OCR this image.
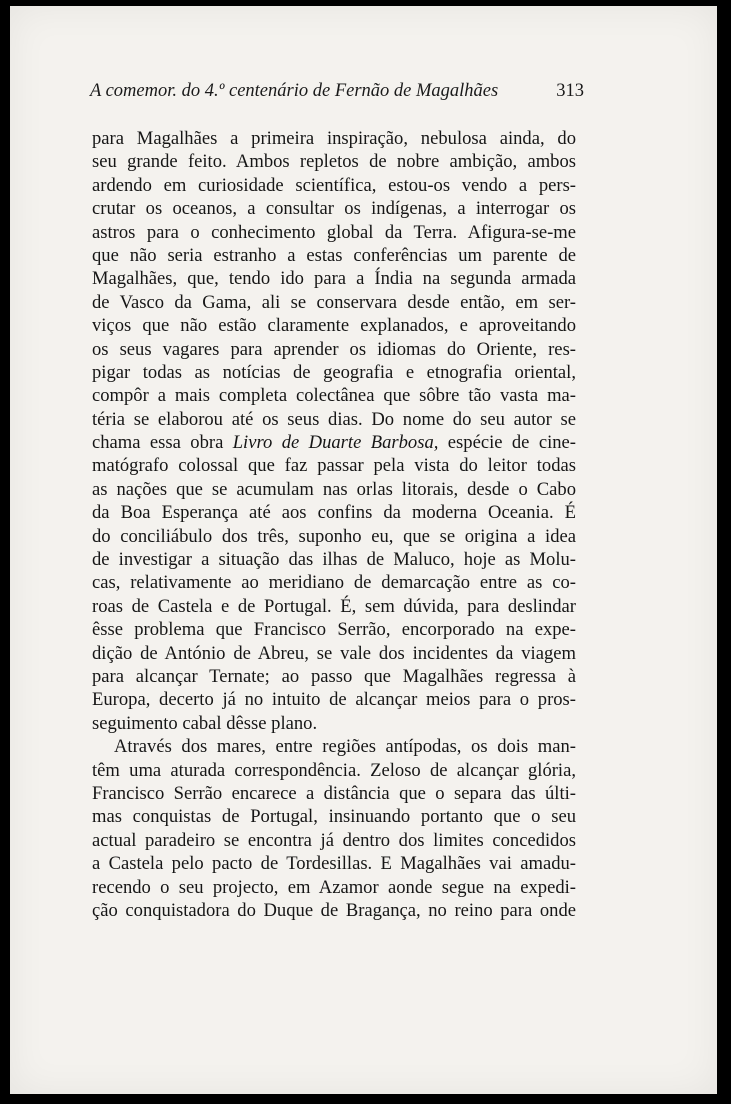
A comemor. do 4.º centenário de Fernão de Magalhães	313
para Magalhães a primeira inspiração, nebulosa ainda, do
seu grande feito. Ambos repletos de nobre ambição, ambos
ardendo em curiosidade scientífica, estou-os vendo a pers-
crutar os oceanos, a consultar os indígenas, a interrogar os
astros para o conhecimento global da Terra. Afigura-se-me
que não seria estranho a estas conferências um parente de
Magalhães, que, tendo ido para a Índia na segunda armada
de Vasco da Gama, ali se conservara desde então, em ser-
viços que não estão claramente explanados, e aproveitando
os seus vagares para aprender os idiomas do Oriente, res-
pigar todas as notícias de geografia e etnografia oriental,
compôr a mais completa colectânea que sôbre tão vasta ma-
téria se elaborou até os seus dias. Do nome do seu autor se
chama essa obra Livro de Duarte Barbosa, espécie de cine-
matógrafo colossal que faz passar pela vista do leitor todas
as nações que se acumulam nas orlas litorais, desde o Cabo
da Boa Esperança até aos confins da moderna Oceania. É
do conciliábulo dos três, suponho eu, que se origina a idea
de investigar a situação das ilhas de Maluco, hoje as Molu-
cas, relativamente ao meridiano de demarcação entre as co-
roas de Castela e de Portugal. É, sem dúvida, para deslindar
êsse problema que Francisco Serrão, encorporado na expe-
dição de António de Abreu, se vale dos incidentes da viagem
para alcançar Ternate; ao passo que Magalhães regressa à
Europa, decerto já no intuito de alcançar meios para o pros-
seguimento cabal dêsse plano.
Através dos mares, entre regiões antípodas, os dois man-
têm uma aturada correspondência. Zeloso de alcançar glória,
Francisco Serrão encarece a distância que o separa das últi-
mas conquistas de Portugal, insinuando portanto que o seu
actual paradeiro se encontra já dentro dos limites concedidos
a Castela pelo pacto de Tordesillas. E Magalhães vai amadu-
recendo o seu projecto, em Azamor aonde segue na expedi-
ção conquistadora do Duque de Bragança, no reino para onde
